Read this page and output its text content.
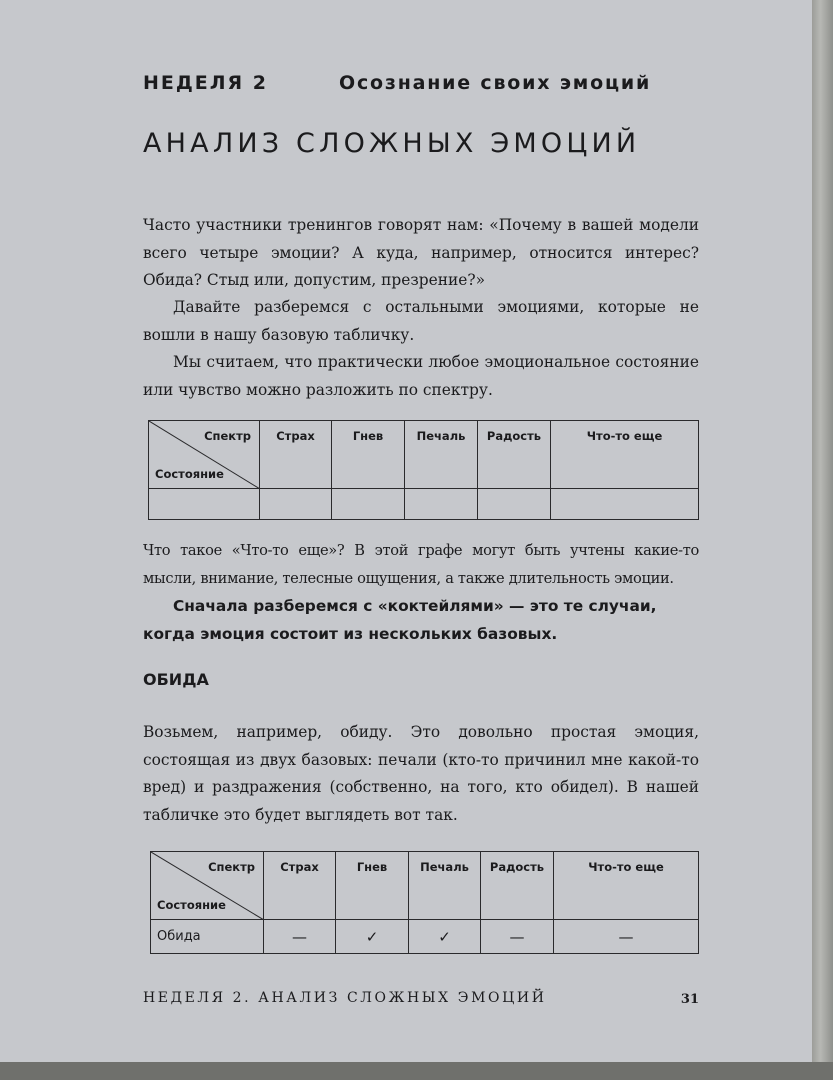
НЕДЕЛЯ 2	Осознание своих эмоций
АНАЛИЗ СЛОЖНЫХ ЭМОЦИЙ

Часто участники тренингов говорят нам: «Почему в вашей модели всего четыре эмоции? А куда, например, относится интерес? Обида? Стыд или, допустим, презрение?»

Давайте разберемся с остальными эмоциями, которые не вошли в нашу базовую табличку.

Мы считаем, что практически любое эмоциональное состояние или чувство можно разложить по спектру.

Спектр
Состояние	Страх	Гнев	Печаль	Радость	Что-то еще

Что такое «Что-то еще»? В этой графе могут быть учтены какие-то мысли, внимание, телесные ощущения, а также длительность эмоции.

Сначала разберемся с «коктейлями» — это те случаи, когда эмоция состоит из нескольких базовых.

ОБИДА

Возьмем, например, обиду. Это довольно простая эмоция, состоящая из двух базовых: печали (кто-то причинил мне какой-то вред) и раздражения (собственно, на того, кто обидел). В нашей табличке это будет выглядеть вот так.

Спектр
Состояние	Страх	Гнев	Печаль	Радость	Что-то еще
Обида	—	✓	✓	—	—
НЕДЕЛЯ 2. АНАЛИЗ СЛОЖНЫХ ЭМОЦИЙ	31
